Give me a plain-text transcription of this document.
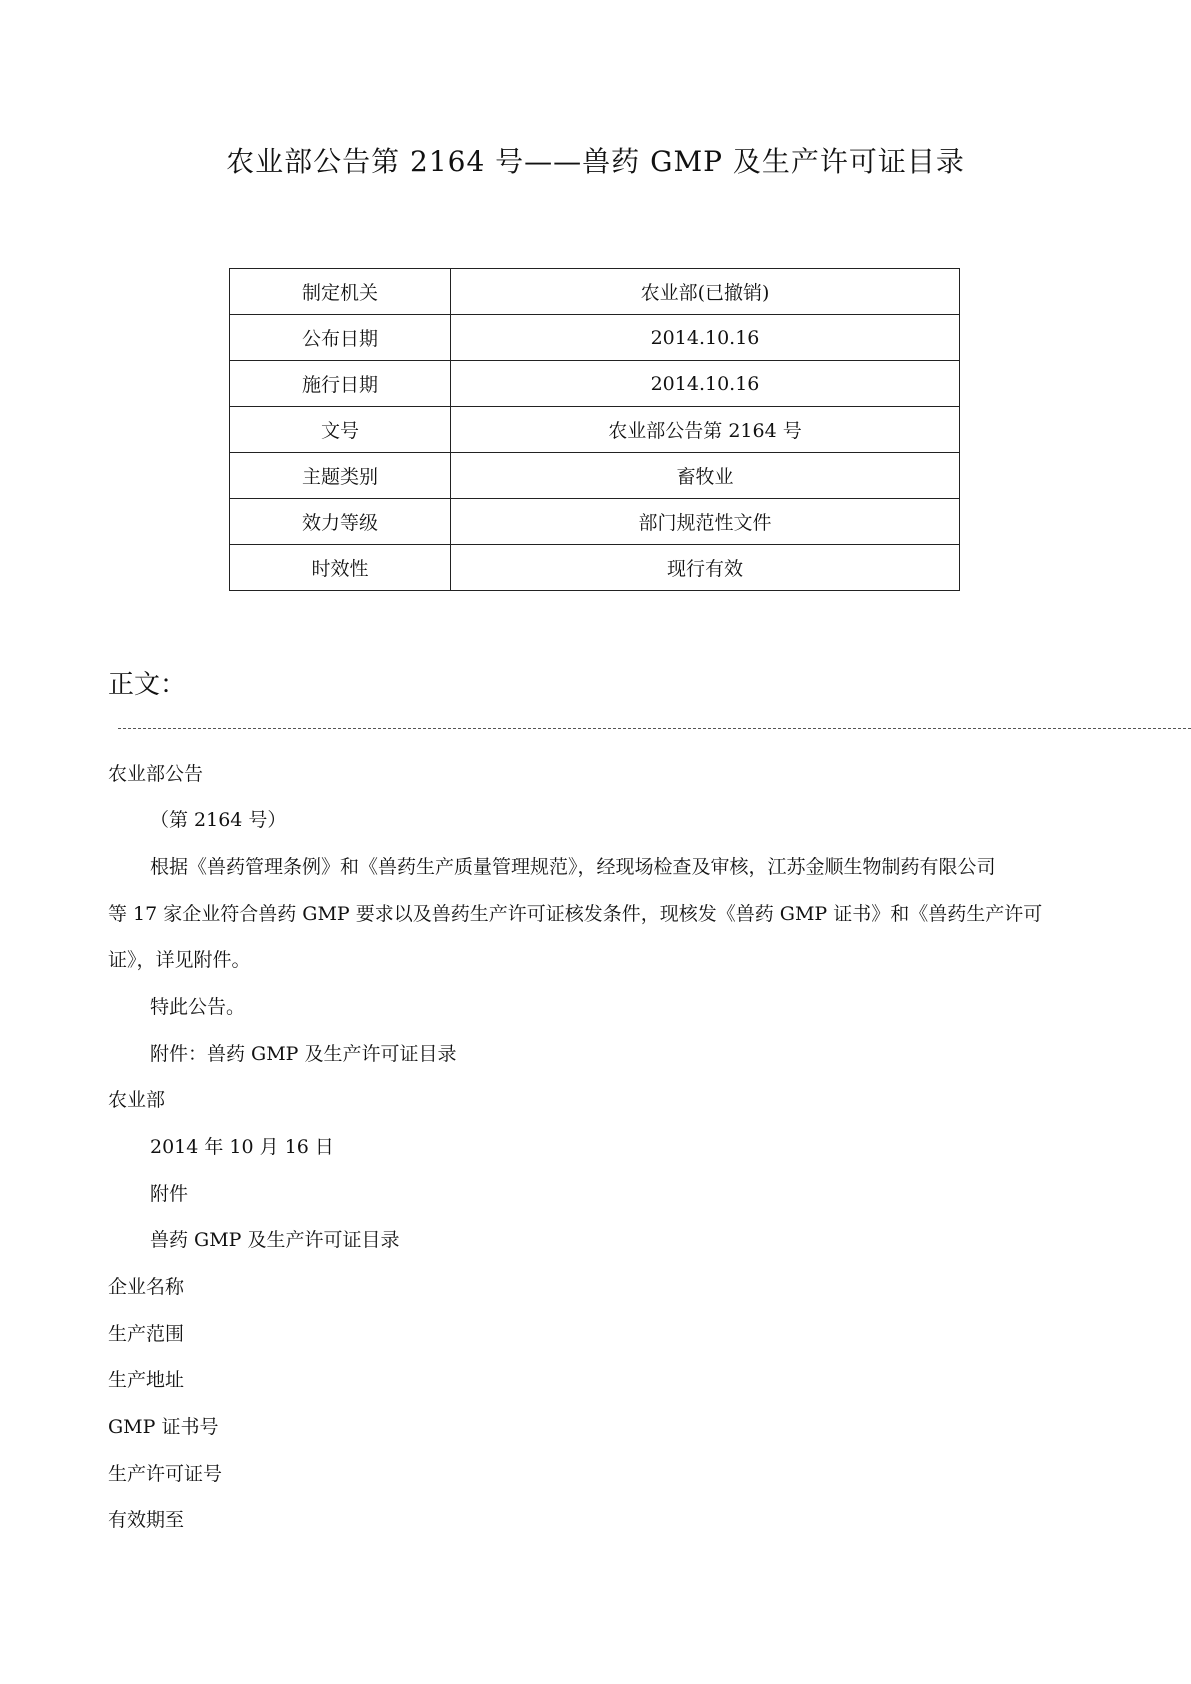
农业部公告第 2164 号——兽药 GMP 及生产许可证目录
制定机关	农业部(已撤销)
公布日期	2014.10.16
施行日期	2014.10.16
文号	农业部公告第 2164 号
主题类别	畜牧业
效力等级	部门规范性文件
时效性	现行有效
正文：
农业部公告
（第 2164 号）
根据《兽药管理条例》和《兽药生产质量管理规范》，经现场检查及审核，江苏金顺生物制药有限公司
等 17 家企业符合兽药 GMP 要求以及兽药生产许可证核发条件，现核发《兽药 GMP 证书》和《兽药生产许可
证》，详见附件。
特此公告。
附件：兽药 GMP 及生产许可证目录
农业部
2014 年 10 月 16 日
附件
兽药 GMP 及生产许可证目录
企业名称
生产范围
生产地址
GMP 证书号
生产许可证号
有效期至
